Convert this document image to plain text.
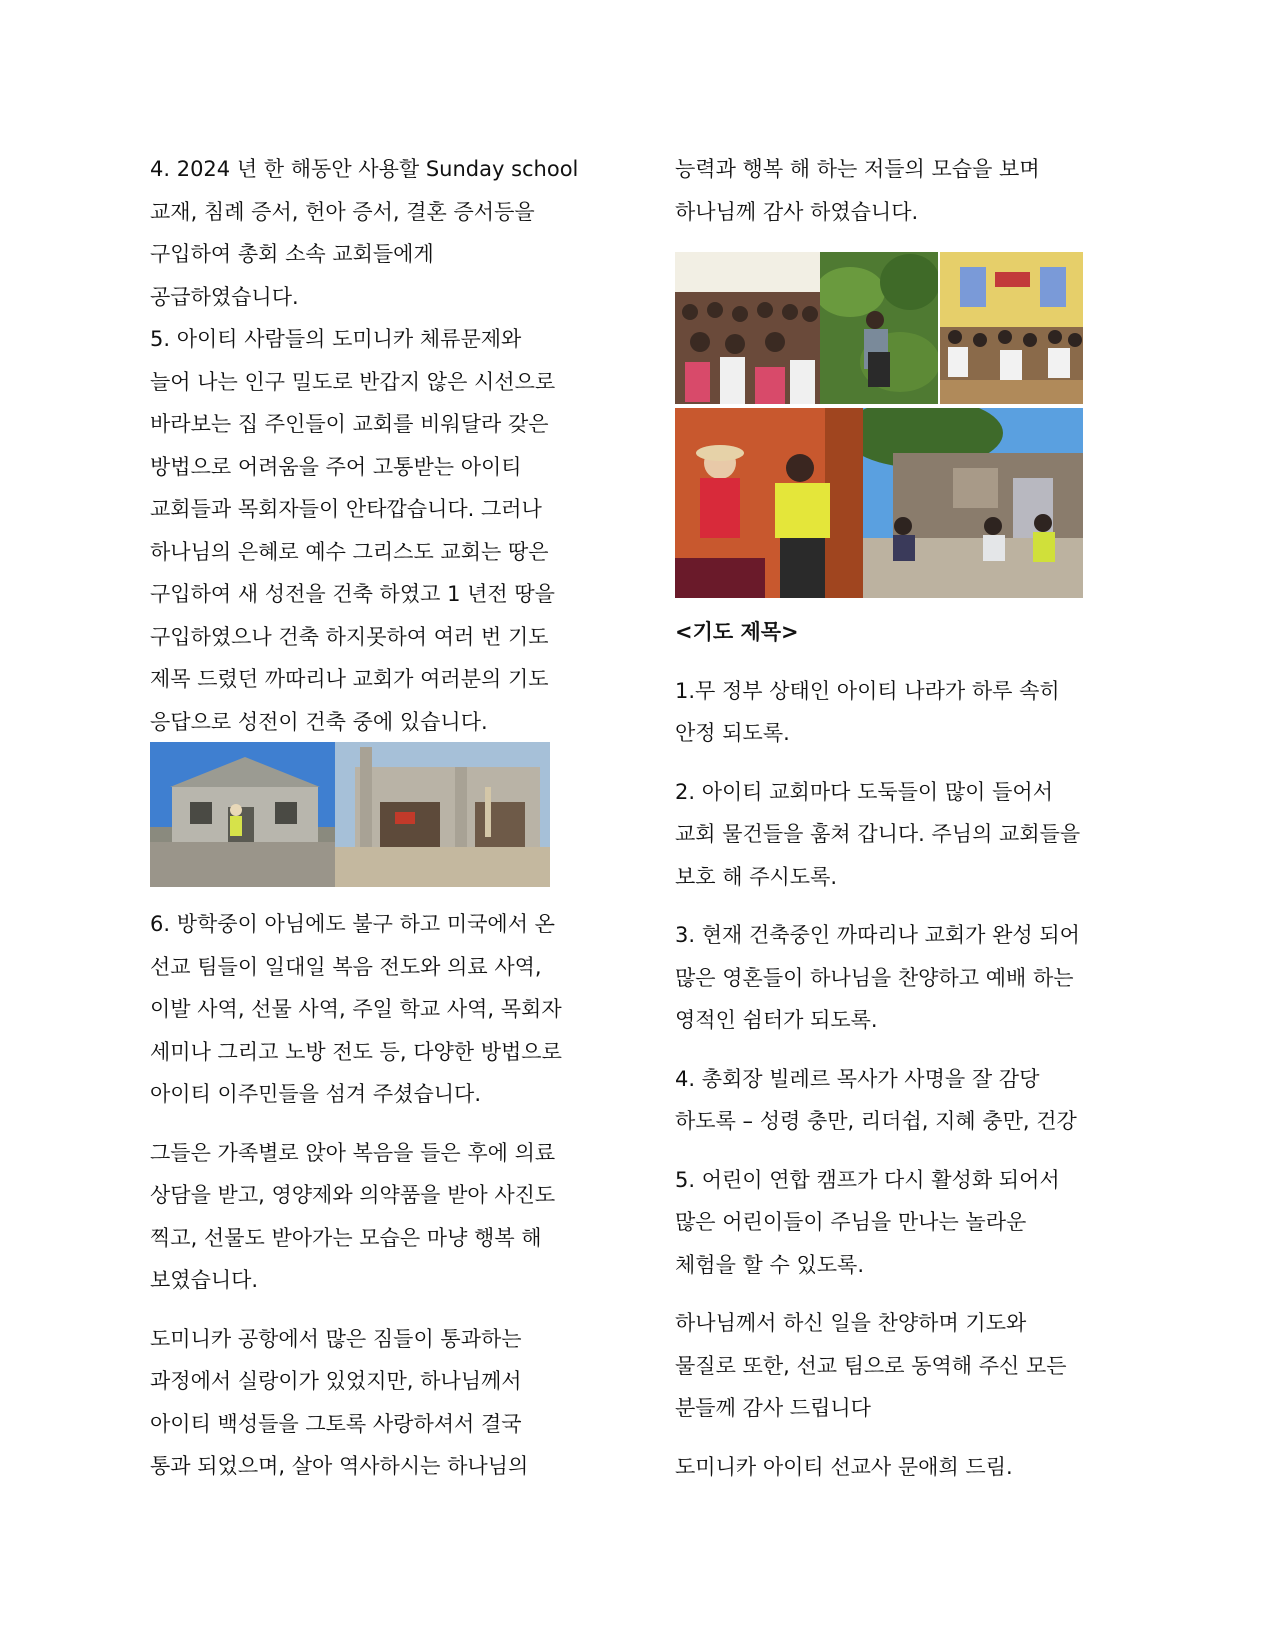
4. 2024 년 한 해동안 사용할 Sunday school
교재, 침례 증서, 헌아 증서, 결혼 증서등을
구입하여 총회 소속 교회들에게
공급하였습니다.

5. 아이티 사람들의 도미니카 체류문제와
늘어 나는 인구 밀도로 반갑지 않은 시선으로
바라보는 집 주인들이 교회를 비워달라 갖은
방법으로 어려움을 주어 고통받는 아이티
교회들과 목회자들이 안타깝습니다. 그러나
하나님의 은혜로 예수 그리스도 교회는 땅은
구입하여 새 성전을 건축 하였고 1 년전 땅을
구입하였으나 건축 하지못하여 여러 번 기도
제목 드렸던 까따리나 교회가 여러분의 기도
응답으로 성전이 건축 중에 있습니다.

6. 방학중이 아님에도 불구 하고 미국에서 온
선교 팀들이 일대일 복음 전도와 의료 사역,
이발 사역, 선물 사역, 주일 학교 사역, 목회자
세미나 그리고 노방 전도 등, 다양한 방법으로
아이티 이주민들을 섬겨 주셨습니다.

그들은 가족별로 앉아 복음을 들은 후에 의료
상담을 받고, 영양제와 의약품을 받아 사진도
찍고, 선물도 받아가는 모습은 마냥 행복 해
보였습니다.

도미니카 공항에서 많은 짐들이 통과하는
과정에서 실랑이가 있었지만, 하나님께서
아이티 백성들을 그토록 사랑하셔서 결국
통과 되었으며, 살아 역사하시는 하나님의

능력과 행복 해 하는 저들의 모습을 보며
하나님께 감사 하였습니다.

<기도 제목>

1.무 정부 상태인 아이티 나라가 하루 속히
안정 되도록.

2. 아이티 교회마다 도둑들이 많이 들어서
교회 물건들을 훔쳐 갑니다. 주님의 교회들을
보호 해 주시도록.

3. 현재 건축중인 까따리나 교회가 완성 되어
많은 영혼들이 하나님을 찬양하고 예배 하는
영적인 쉼터가 되도록.

4. 총회장 빌레르 목사가 사명을 잘 감당
하도록 – 성령 충만, 리더쉽, 지혜 충만, 건강

5. 어린이 연합 캠프가 다시 활성화 되어서
많은 어린이들이 주님을 만나는 놀라운
체험을 할 수 있도록.

하나님께서 하신 일을 찬양하며 기도와
물질로 또한, 선교 팀으로 동역해 주신 모든
분들께 감사 드립니다

도미니카 아이티 선교사 문애희 드림.
